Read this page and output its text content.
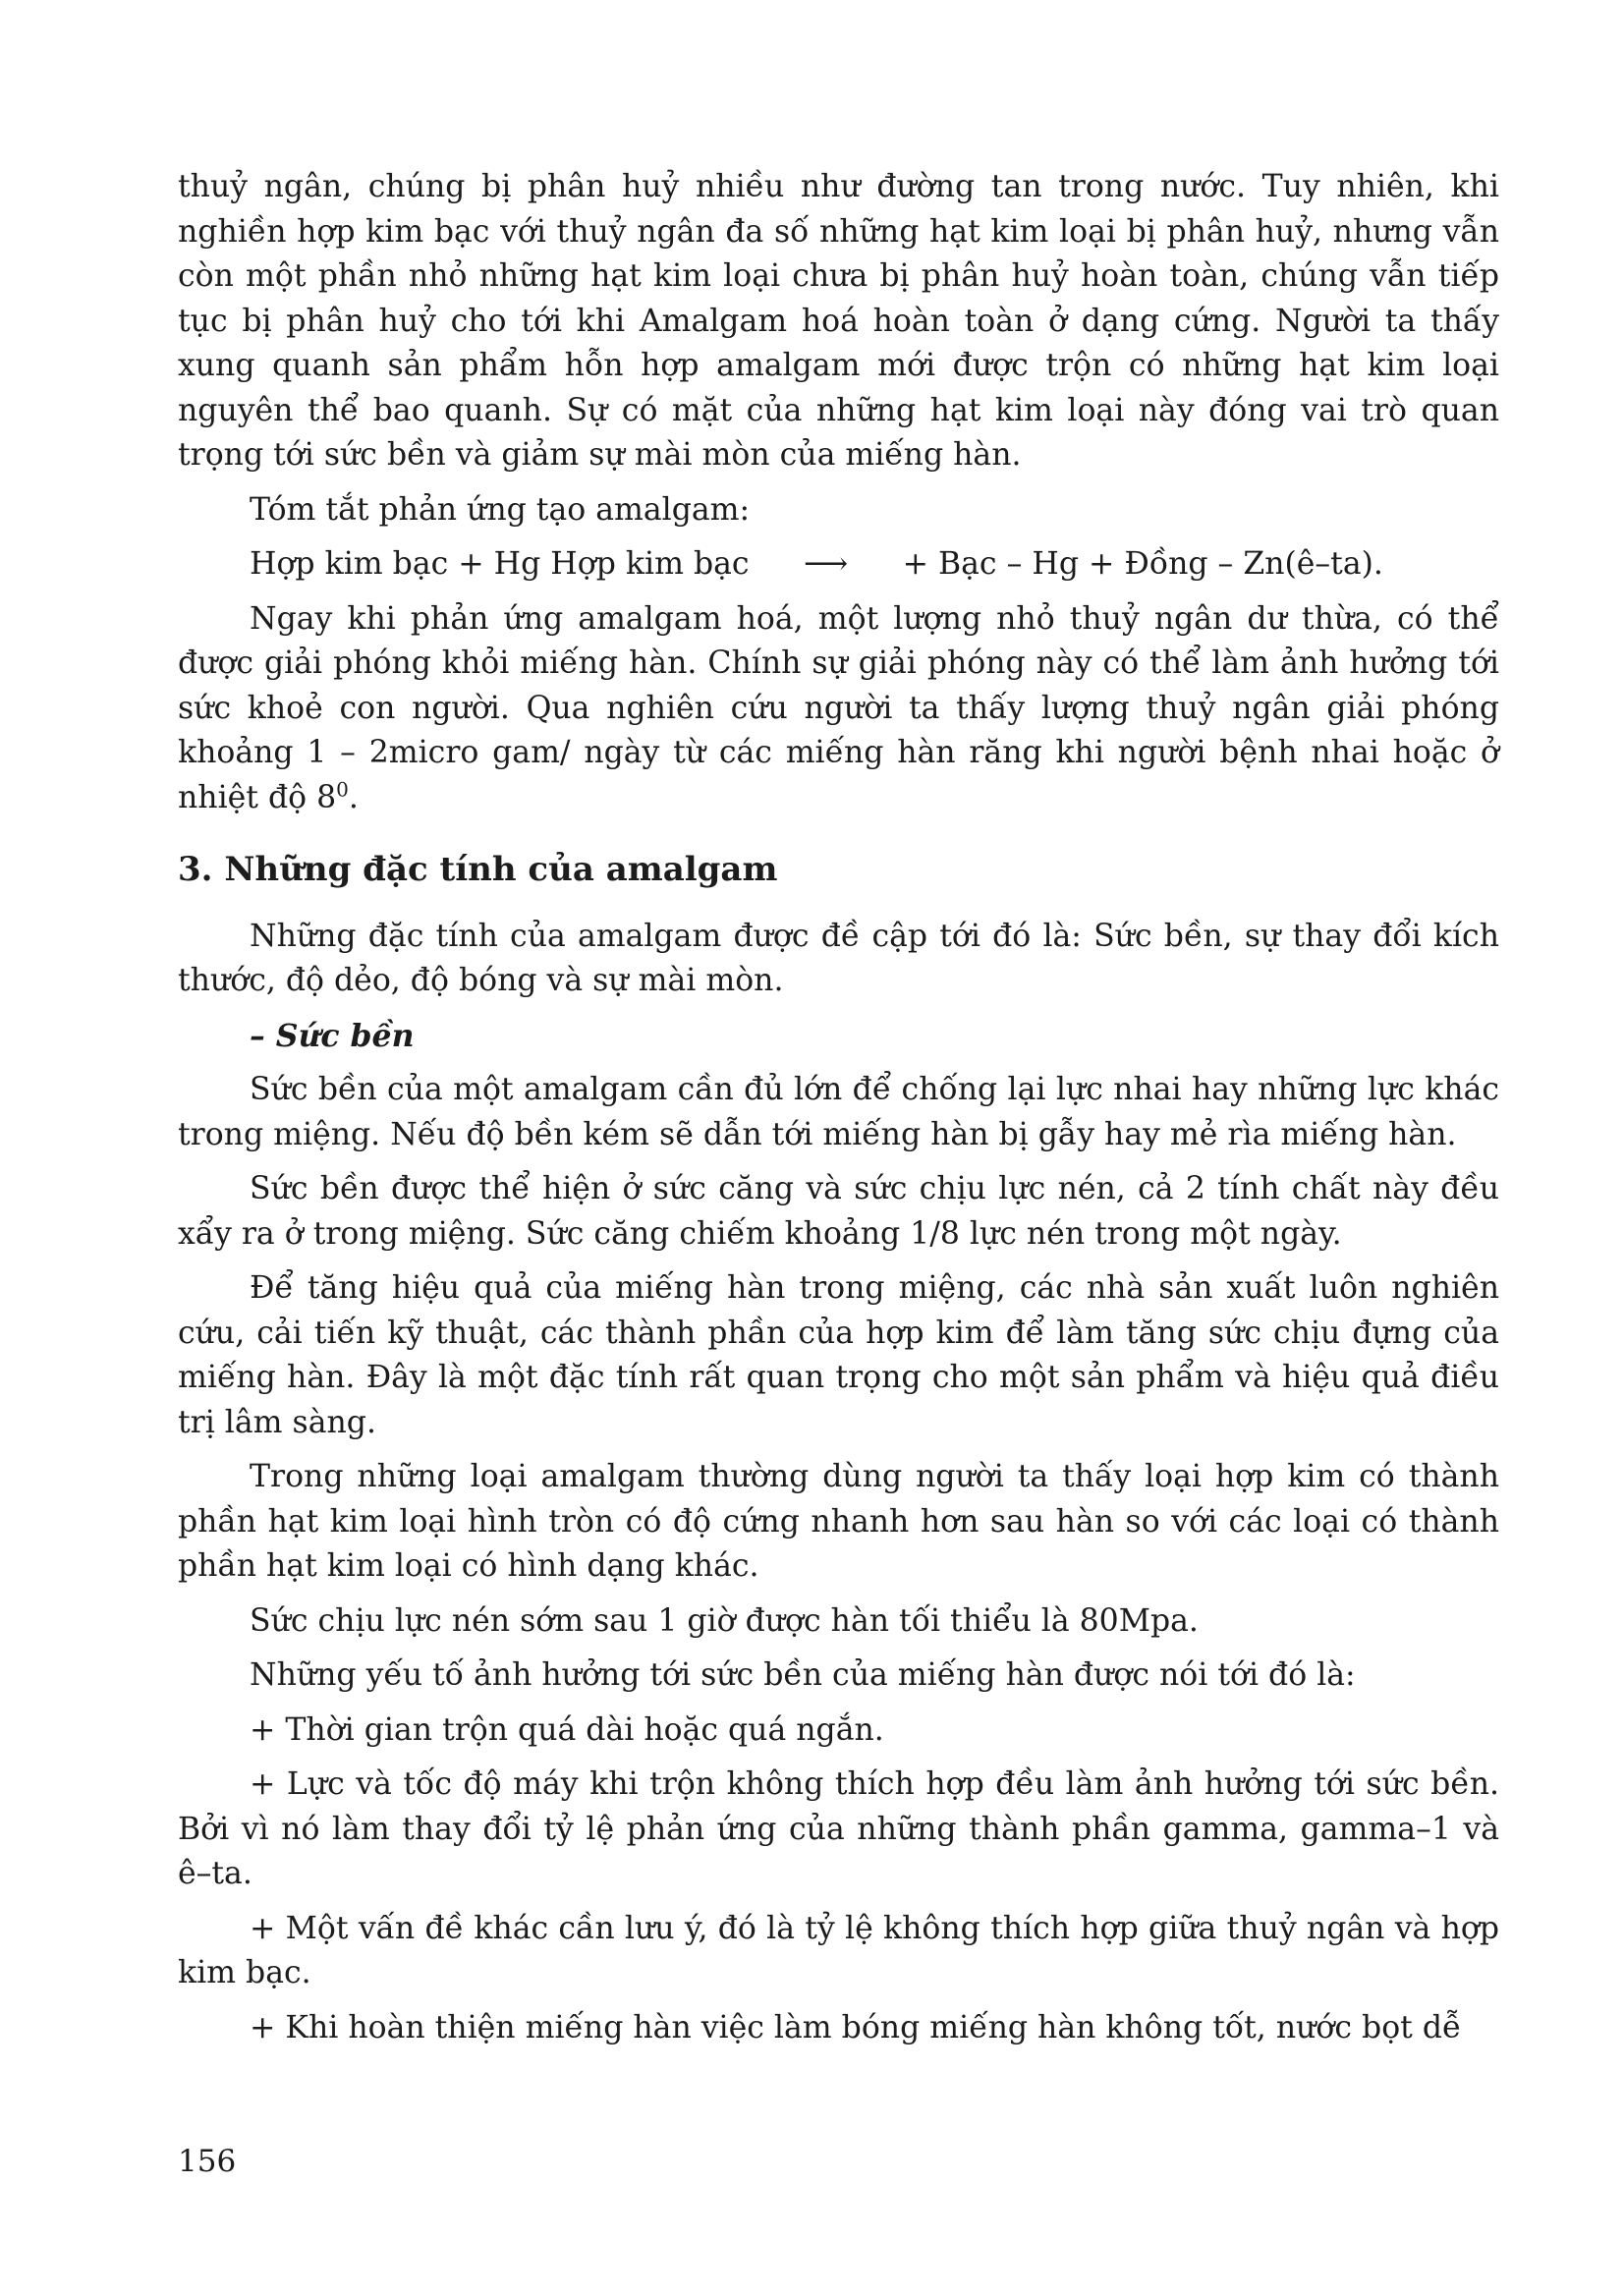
thuỷ ngân, chúng bị phân huỷ nhiều như đường tan trong nước. Tuy nhiên, khi nghiền hợp kim bạc với thuỷ ngân đa số những hạt kim loại bị phân huỷ, nhưng vẫn còn một phần nhỏ những hạt kim loại chưa bị phân huỷ hoàn toàn, chúng vẫn tiếp tục bị phân huỷ cho tới khi Amalgam hoá hoàn toàn ở dạng cứng. Người ta thấy xung quanh sản phẩm hỗn hợp amalgam mới được trộn có những hạt kim loại nguyên thể bao quanh. Sự có mặt của những hạt kim loại này đóng vai trò quan trọng tới sức bền và giảm sự mài mòn của miếng hàn.

Tóm tắt phản ứng tạo amalgam:

Hợp kim bạc + Hg Hợp kim bạc ⟶ + Bạc – Hg + Đồng – Zn(ê–ta).

Ngay khi phản ứng amalgam hoá, một lượng nhỏ thuỷ ngân dư thừa, có thể được giải phóng khỏi miếng hàn. Chính sự giải phóng này có thể làm ảnh hưởng tới sức khoẻ con người. Qua nghiên cứu người ta thấy lượng thuỷ ngân giải phóng khoảng 1 – 2micro gam/ ngày từ các miếng hàn răng khi người bệnh nhai hoặc ở nhiệt độ $8^0$.

3. Những đặc tính của amalgam

Những đặc tính của amalgam được đề cập tới đó là: Sức bền, sự thay đổi kích thước, độ dẻo, độ bóng và sự mài mòn.

– Sức bền

Sức bền của một amalgam cần đủ lớn để chống lại lực nhai hay những lực khác trong miệng. Nếu độ bền kém sẽ dẫn tới miếng hàn bị gẫy hay mẻ rìa miếng hàn.

Sức bền được thể hiện ở sức căng và sức chịu lực nén, cả 2 tính chất này đều xẩy ra ở trong miệng. Sức căng chiếm khoảng 1/8 lực nén trong một ngày.

Để tăng hiệu quả của miếng hàn trong miệng, các nhà sản xuất luôn nghiên cứu, cải tiến kỹ thuật, các thành phần của hợp kim để làm tăng sức chịu đựng của miếng hàn. Đây là một đặc tính rất quan trọng cho một sản phẩm và hiệu quả điều trị lâm sàng.

Trong những loại amalgam thường dùng người ta thấy loại hợp kim có thành phần hạt kim loại hình tròn có độ cứng nhanh hơn sau hàn so với các loại có thành phần hạt kim loại có hình dạng khác.

Sức chịu lực nén sớm sau 1 giờ được hàn tối thiểu là 80Mpa.

Những yếu tố ảnh hưởng tới sức bền của miếng hàn được nói tới đó là:

+ Thời gian trộn quá dài hoặc quá ngắn.

+ Lực và tốc độ máy khi trộn không thích hợp đều làm ảnh hưởng tới sức bền. Bởi vì nó làm thay đổi tỷ lệ phản ứng của những thành phần gamma, gamma–1 và ê–ta.

+ Một vấn đề khác cần lưu ý, đó là tỷ lệ không thích hợp giữa thuỷ ngân và hợp kim bạc.

+ Khi hoàn thiện miếng hàn việc làm bóng miếng hàn không tốt, nước bọt dễ

156
